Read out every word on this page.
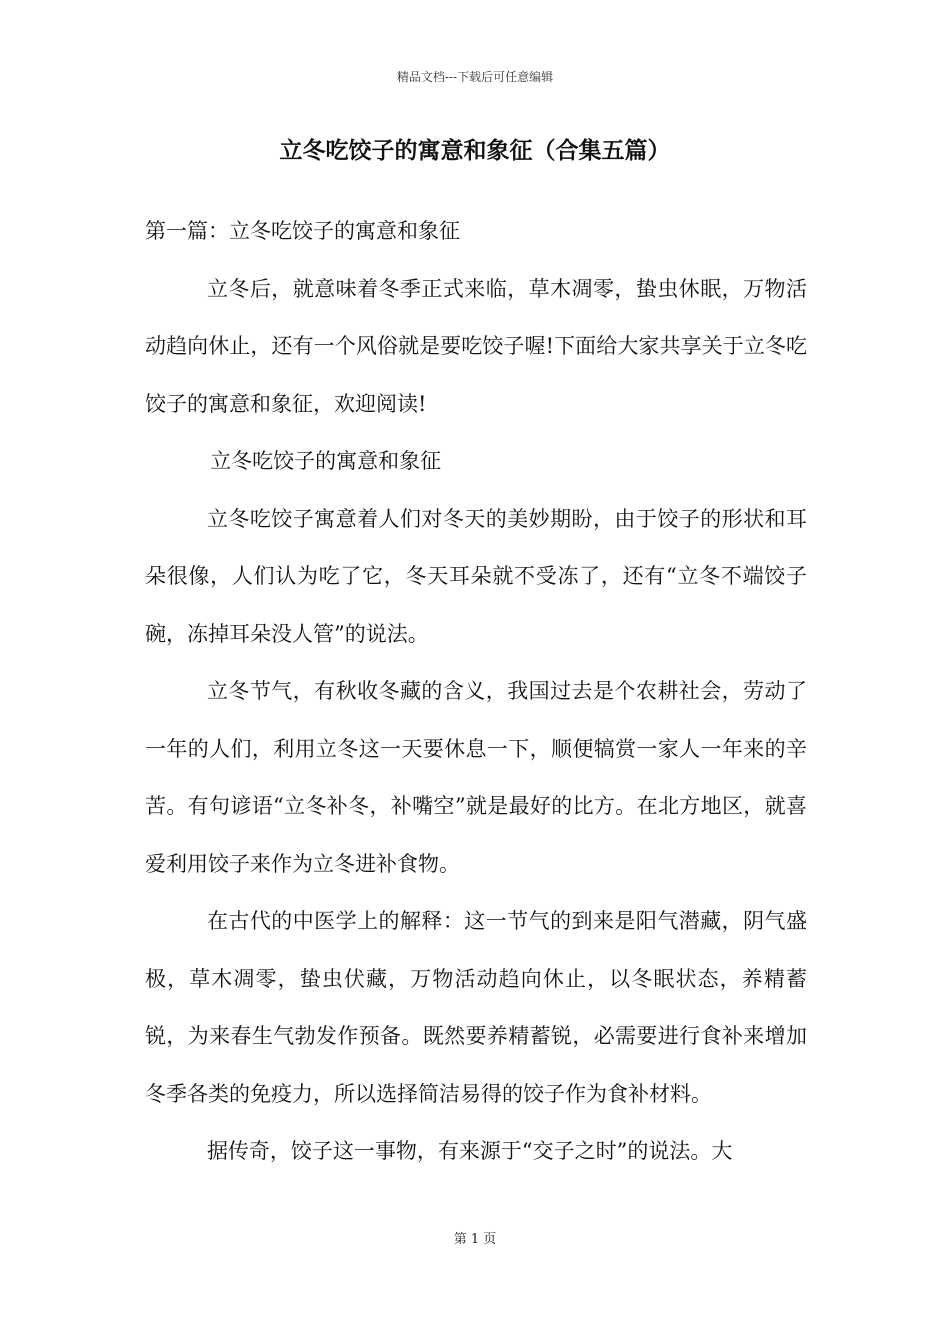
精品文档---下载后可任意编辑
立冬吃饺子的寓意和象征（合集五篇）

第一篇：立冬吃饺子的寓意和象征

立冬后，就意味着冬季正式来临，草木凋零，蛰虫休眠，万物活动趋向休止，还有一个风俗就是要吃饺子喔!下面给大家共享关于立冬吃饺子的寓意和象征，欢迎阅读!

立冬吃饺子的寓意和象征

立冬吃饺子寓意着人们对冬天的美妙期盼，由于饺子的形状和耳朵很像，人们认为吃了它，冬天耳朵就不受冻了，还有“立冬不端饺子碗，冻掉耳朵没人管”的说法。

立冬节气，有秋收冬藏的含义，我国过去是个农耕社会，劳动了一年的人们，利用立冬这一天要休息一下，顺便犒赏一家人一年来的辛苦。有句谚语“立冬补冬，补嘴空”就是最好的比方。在北方地区，就喜爱利用饺子来作为立冬进补食物。

在古代的中医学上的解释：这一节气的到来是阳气潜藏，阴气盛极，草木凋零，蛰虫伏藏，万物活动趋向休止，以冬眠状态，养精蓄锐，为来春生气勃发作预备。既然要养精蓄锐，必需要进行食补来增加冬季各类的免疫力，所以选择简洁易得的饺子作为食补材料。

据传奇，饺子这一事物，有来源于“交子之时”的说法。大

第 1 页
